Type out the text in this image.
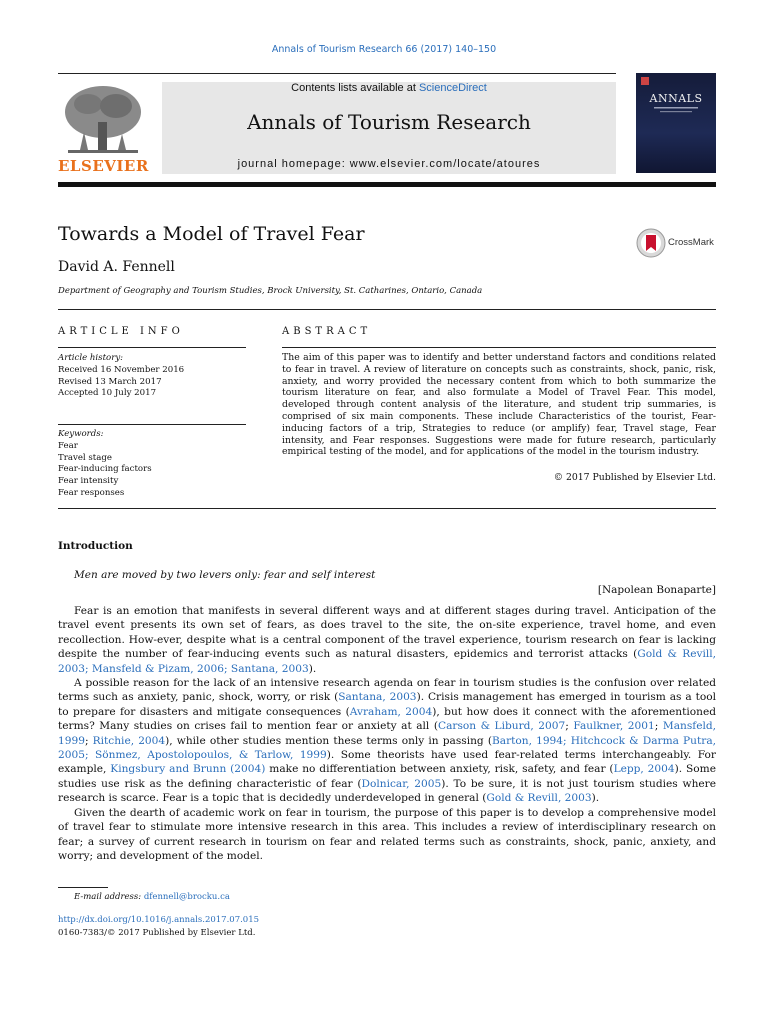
Annals of Tourism Research 66 (2017) 140–150
ELSEVIER
Contents lists available at ScienceDirect
Annals of Tourism Research
journal homepage: www.elsevier.com/locate/atoures
ANNALS
Towards a Model of Travel Fear	CrossMark
David A. Fennell
Department of Geography and Tourism Studies, Brock University, St. Catharines, Ontario, Canada
ARTICLE INFO
Article history:
Received 16 November 2016
Revised 13 March 2017
Accepted 10 July 2017
Keywords:
Fear
Travel stage
Fear-inducing factors
Fear intensity
Fear responses
ABSTRACT
The aim of this paper was to identify and better understand factors and conditions related to fear in travel. A review of literature on concepts such as constraints, shock, panic, risk, anxiety, and worry provided the necessary content from which to both summarize the tourism literature on fear, and also formulate a Model of Travel Fear. This model, developed through content analysis of the literature, and student trip summaries, is comprised of six main components. These include Characteristics of the tourist, Fear-inducing factors of a trip, Strategies to reduce (or amplify) fear, Travel stage, Fear intensity, and Fear responses. Suggestions were made for future research, particularly empirical testing of the model, and for applications of the model in the tourism industry.
© 2017 Published by Elsevier Ltd.
Introduction
Men are moved by two levers only: fear and self interest
[Napolean Bonaparte]

Fear is an emotion that manifests in several different ways and at different stages during travel. Anticipation of the travel event presents its own set of fears, as does travel to the site, the on-site experience, travel home, and even recollection. How-ever, despite what is a central component of the travel experience, tourism research on fear is lacking despite the number of fear-inducing events such as natural disasters, epidemics and terrorist attacks (Gold & Revill, 2003; Mansfeld & Pizam, 2006; Santana, 2003).

A possible reason for the lack of an intensive research agenda on fear in tourism studies is the confusion over related terms such as anxiety, panic, shock, worry, or risk (Santana, 2003). Crisis management has emerged in tourism as a tool to prepare for disasters and mitigate consequences (Avraham, 2004), but how does it connect with the aforementioned terms? Many studies on crises fail to mention fear or anxiety at all (Carson & Liburd, 2007; Faulkner, 2001; Mansfeld, 1999; Ritchie, 2004), while other studies mention these terms only in passing (Barton, 1994; Hitchcock & Darma Putra, 2005; Sönmez, Apostolopoulos, & Tarlow, 1999). Some theorists have used fear-related terms interchangeably. For example, Kingsbury and Brunn (2004) make no differentiation between anxiety, risk, safety, and fear (Lepp, 2004). Some studies use risk as the defining characteristic of fear (Dolnicar, 2005). To be sure, it is not just tourism studies where research is scarce. Fear is a topic that is decidedly underdeveloped in general (Gold & Revill, 2003).

Given the dearth of academic work on fear in tourism, the purpose of this paper is to develop a comprehensive model of travel fear to stimulate more intensive research in this area. This includes a review of interdisciplinary research on fear; a survey of current research in tourism on fear and related terms such as constraints, shock, panic, anxiety, and worry; and development of the model.

E-mail address: dfennell@brocku.ca
http://dx.doi.org/10.1016/j.annals.2017.07.015
0160-7383/© 2017 Published by Elsevier Ltd.
